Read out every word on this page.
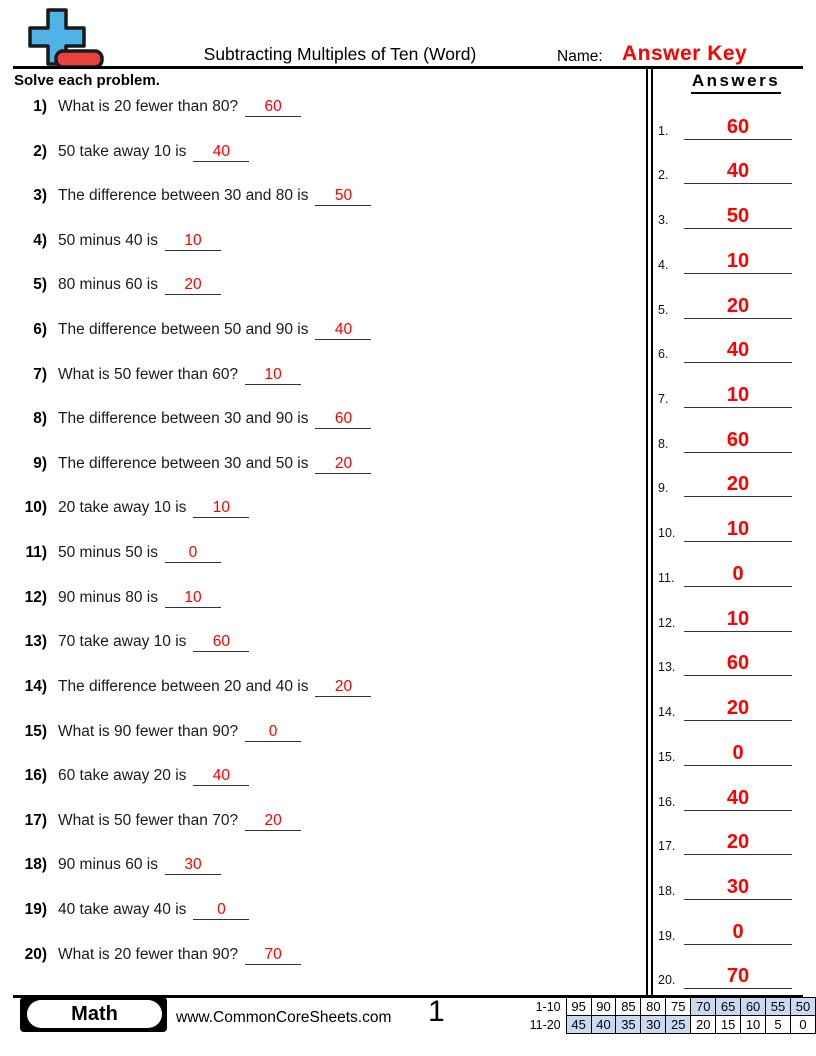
Subtracting Multiples of Ten (Word)	Name: Answer Key
Solve each problem.	Answers
1.	60
2.	40
3.	50
4.	10
5.	20
6.	40
7.	10
8.	60
9.	20
10.	10
11.	0
12.	10
13.	60
14.	20
15.	0
16.	40
17.	20
18.	30
19.	0
20.	70
1) What is 20 fewer than 80?	60
2) 50 take away 10 is	40
3) The difference between 30 and 80 is	50
4) 50 minus 40 is	10
5) 80 minus 60 is	20
6) The difference between 50 and 90 is	40
7) What is 50 fewer than 60?	10
8) The difference between 30 and 90 is	60
9) The difference between 30 and 50 is	20
10) 20 take away 10 is	10
11) 50 minus 50 is	0
12) 90 minus 80 is	10
13) 70 take away 10 is	60
14) The difference between 20 and 40 is	20
15) What is 90 fewer than 90?	0
16) 60 take away 20 is	40
17) What is 50 fewer than 70?	20
18) 90 minus 60 is	30
19) 40 take away 40 is	0
20) What is 20 fewer than 90?	70
Math	www.CommonCoreSheets.com 1	1-10	95	90	85	80	75	70	65	60	55	50
11-20	45	40	35	30	25	20	15	10	5	0
